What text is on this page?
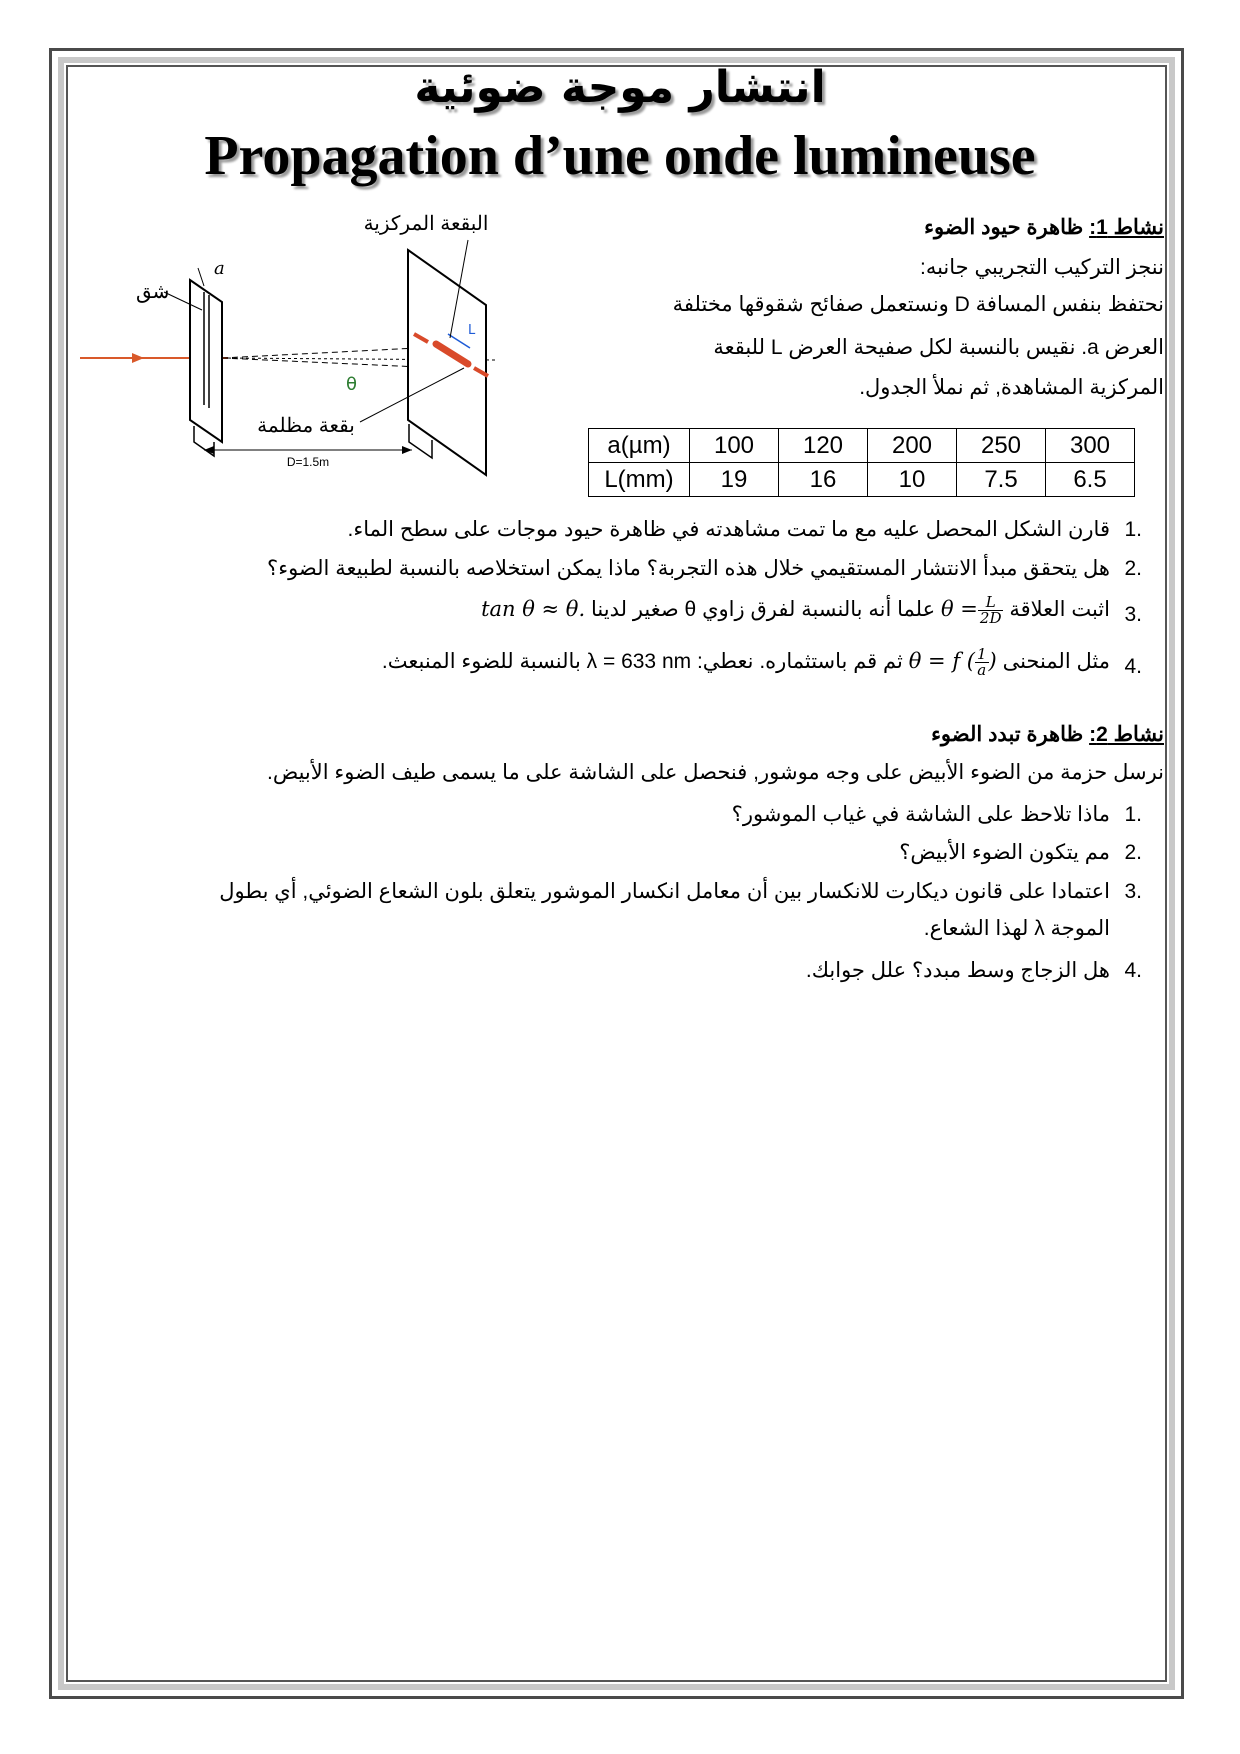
انتشار موجة ضوئية
Propagation d’une onde lumineuse
نشاط 1: ظاهرة حيود الضوء
ننجز التركيب التجريبي جانبه:
نحتفظ بنفس المسافة D ونستعمل صفائح شقوقها مختلفة
العرض a. نقيس بالنسبة لكل صفيحة العرض L للبقعة
المركزية المشاهدة, ثم نملأ الجدول.
a
شق
θ
L
البقعة المركزية
بقعة مظلمة
D=1.5m
a(µm)	100	120	200	250	300
L(mm)	19	16	10	7.5	6.5
1.
قارن الشكل المحصل عليه مع ما تمت مشاهدته في ظاهرة حيود موجات على سطح الماء.
2.
هل يتحقق مبدأ الانتشار المستقيمي خلال هذه التجربة؟ ماذا يمكن استخلاصه بالنسبة لطبيعة الضوء؟
3.
اثبت العلاقة $\theta = \frac{L}{2D}$
علما أنه بالنسبة لفرق زاوي θ صغير لدينا tan θ ≈ θ.
4.
مثل المنحنى θ = f ( $\frac{1}{a}$ ) ثم قم باستثماره. نعطي: λ = 633 nm بالنسبة للضوء المنبعث.
نشاط 2: ظاهرة تبدد الضوء
نرسل حزمة من الضوء الأبيض على وجه موشور, فنحصل على الشاشة على ما يسمى طيف الضوء الأبيض.
1.
ماذا تلاحظ على الشاشة في غياب الموشور؟
2.
مم يتكون الضوء الأبيض؟
3.
اعتمادا على قانون ديكارت للانكسار بين أن معامل انكسار الموشور يتعلق بلون الشعاع الضوئي, أي بطول
الموجة λ لهذا الشعاع.
4.
هل الزجاج وسط مبدد؟ علل جوابك.
